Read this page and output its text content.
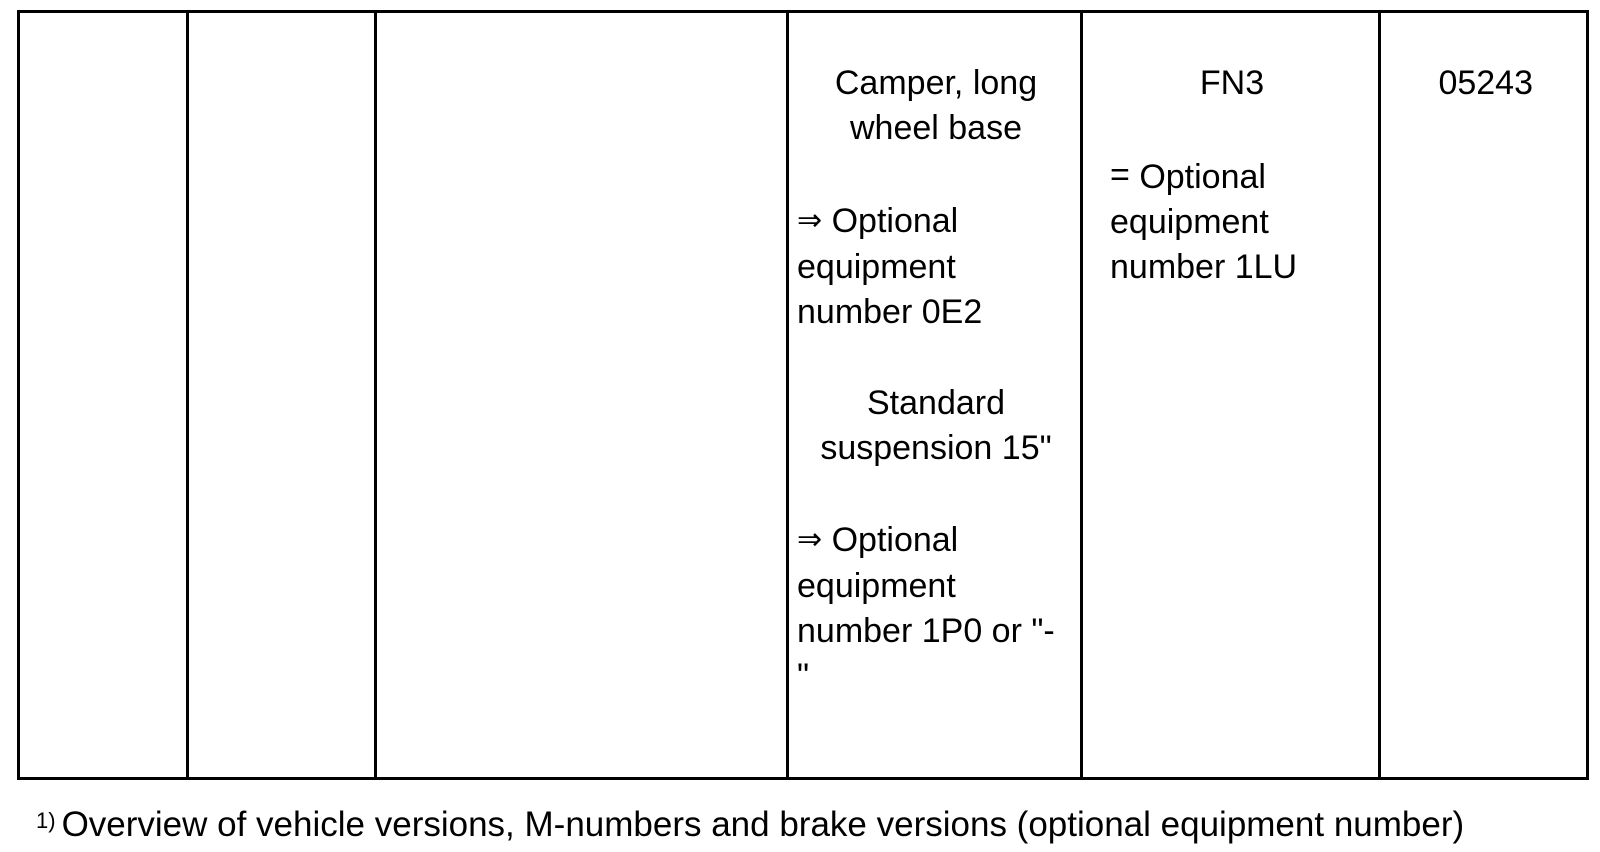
Camper, long
wheel base
⇒ Optional
equipment
number 0E2
Standard
suspension 15"
⇒ Optional
equipment
number 1P0 or "-
"
FN3
= Optional
equipment
number 1LU
05243
$^{1)}$ Overview of vehicle versions, M-numbers and brake versions (optional equipment number)
